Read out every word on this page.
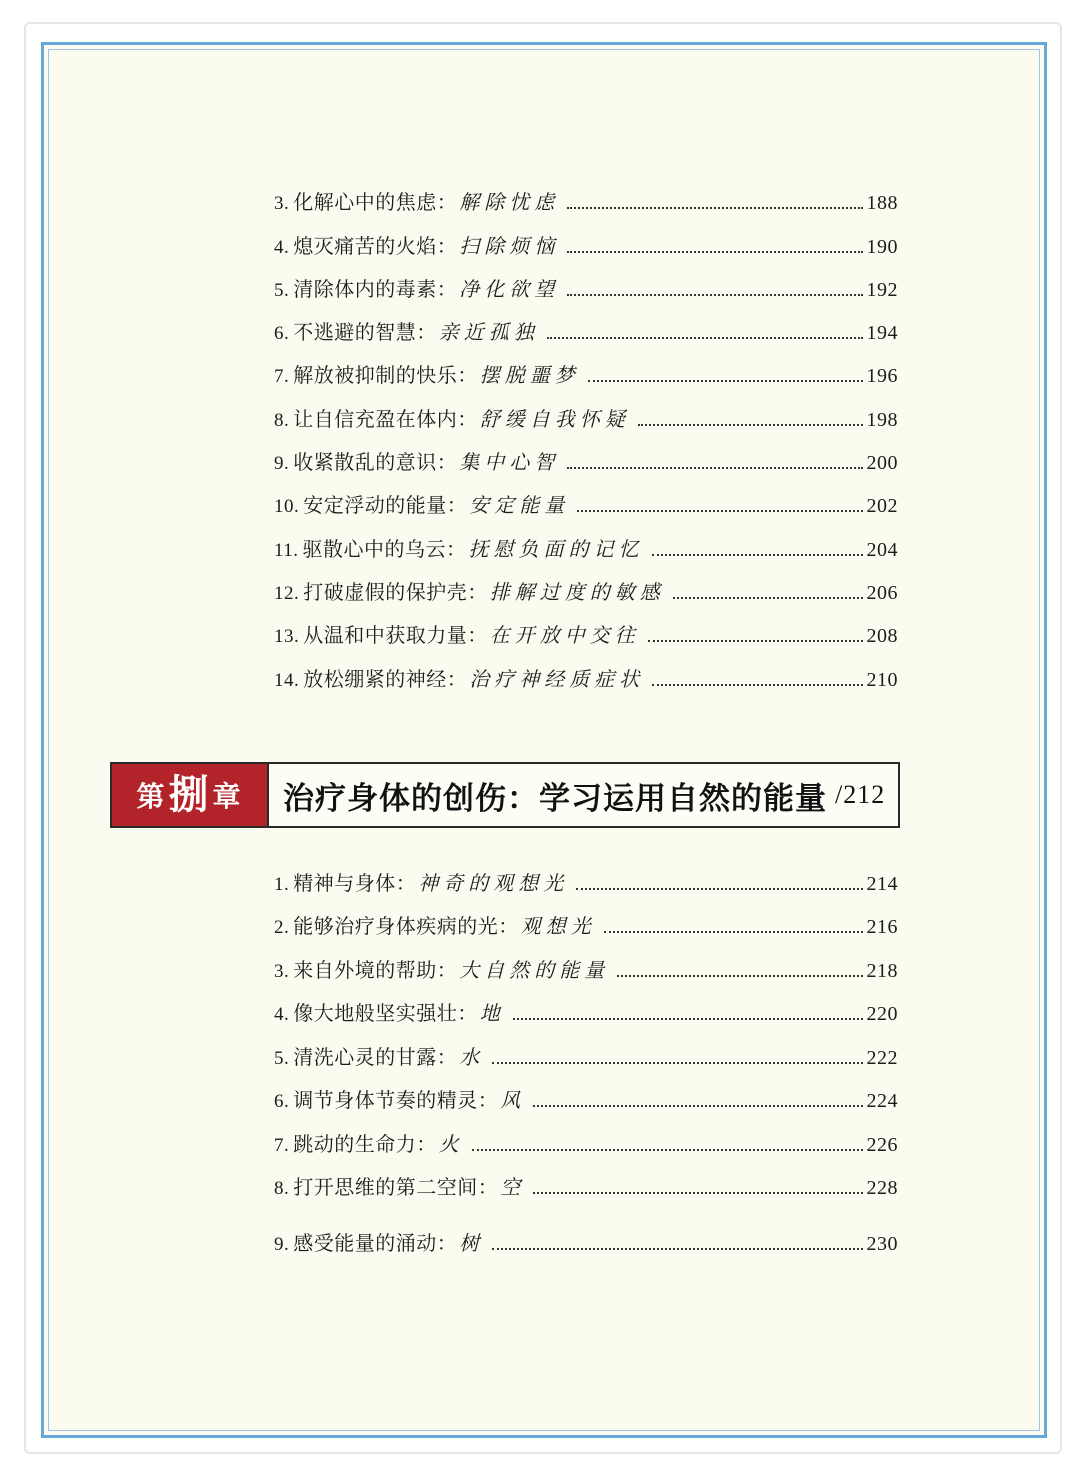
3. 化解心中的焦虑： 解除忧虑	188
4. 熄灭痛苦的火焰： 扫除烦恼	190
5. 清除体内的毒素： 净化欲望	192
6. 不逃避的智慧： 亲近孤独	194
7. 解放被抑制的快乐： 摆脱噩梦	196
8. 让自信充盈在体内： 舒缓自我怀疑	198
9. 收紧散乱的意识： 集中心智	200
10. 安定浮动的能量： 安定能量	202
11. 驱散心中的乌云： 抚慰负面的记忆	204
12. 打破虚假的保护壳： 排解过度的敏感	206
13. 从温和中获取力量： 在开放中交往	208
14. 放松绷紧的神经： 治疗神经质症状	210
第 捌 章 治疗身体的创伤：学习运用自然的能量 /212
1. 精神与身体： 神奇的观想光	214
2. 能够治疗身体疾病的光： 观想光	216
3. 来自外境的帮助： 大自然的能量	218
4. 像大地般坚实强壮： 地	220
5. 清洗心灵的甘露： 水	222
6. 调节身体节奏的精灵： 风	224
7. 跳动的生命力： 火	226
8. 打开思维的第二空间： 空	228
9. 感受能量的涌动： 树	230
